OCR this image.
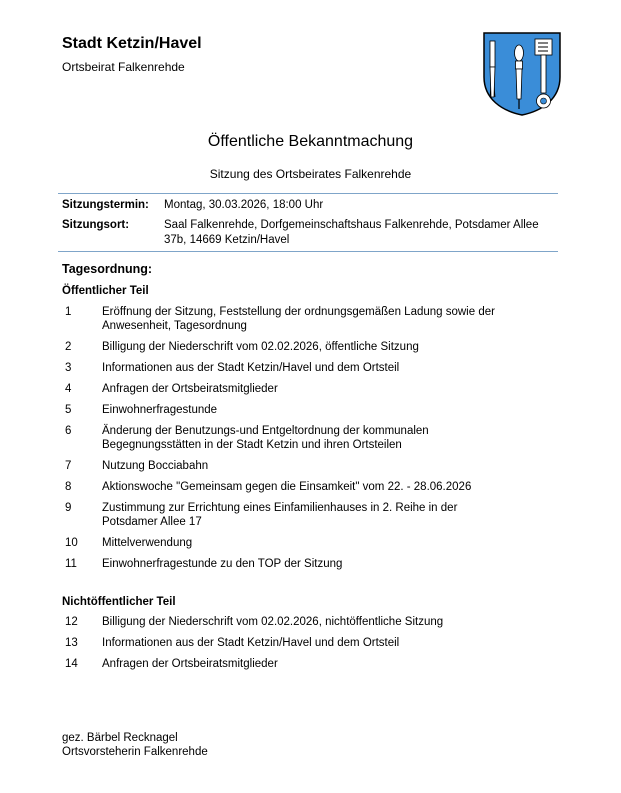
Stadt Ketzin/Havel
Ortsbeirat Falkenrehde
Öffentliche Bekanntmachung
Sitzung des Ortsbeirates Falkenrehde
Sitzungstermin:	Montag, 30.03.2026, 18:00 Uhr
Sitzungsort:	Saal Falkenrehde, Dorfgemeinschaftshaus Falkenrehde, Potsdamer Allee 37b, 14669 Ketzin/Havel
Tagesordnung:
Öffentlicher Teil
1	Eröffnung der Sitzung, Feststellung der ordnungsgemäßen Ladung sowie der Anwesenheit, Tagesordnung
2	Billigung der Niederschrift vom 02.02.2026, öffentliche Sitzung
3	Informationen aus der Stadt Ketzin/Havel und dem Ortsteil
4	Anfragen der Ortsbeiratsmitglieder
5	Einwohnerfragestunde
6	Änderung der Benutzungs-und Entgeltordnung der kommunalen Begegnungsstätten in der Stadt Ketzin und ihren Ortsteilen
7	Nutzung Bocciabahn
8	Aktionswoche "Gemeinsam gegen die Einsamkeit" vom 22. - 28.06.2026
9	Zustimmung zur Errichtung eines Einfamilienhauses in 2. Reihe in der Potsdamer Allee 17
10	Mittelverwendung
11	Einwohnerfragestunde zu den TOP der Sitzung
Nichtöffentlicher Teil
12	Billigung der Niederschrift vom 02.02.2026, nichtöffentliche Sitzung
13	Informationen aus der Stadt Ketzin/Havel und dem Ortsteil
14	Anfragen der Ortsbeiratsmitglieder
gez. Bärbel Recknagel
Ortsvorsteherin Falkenrehde
